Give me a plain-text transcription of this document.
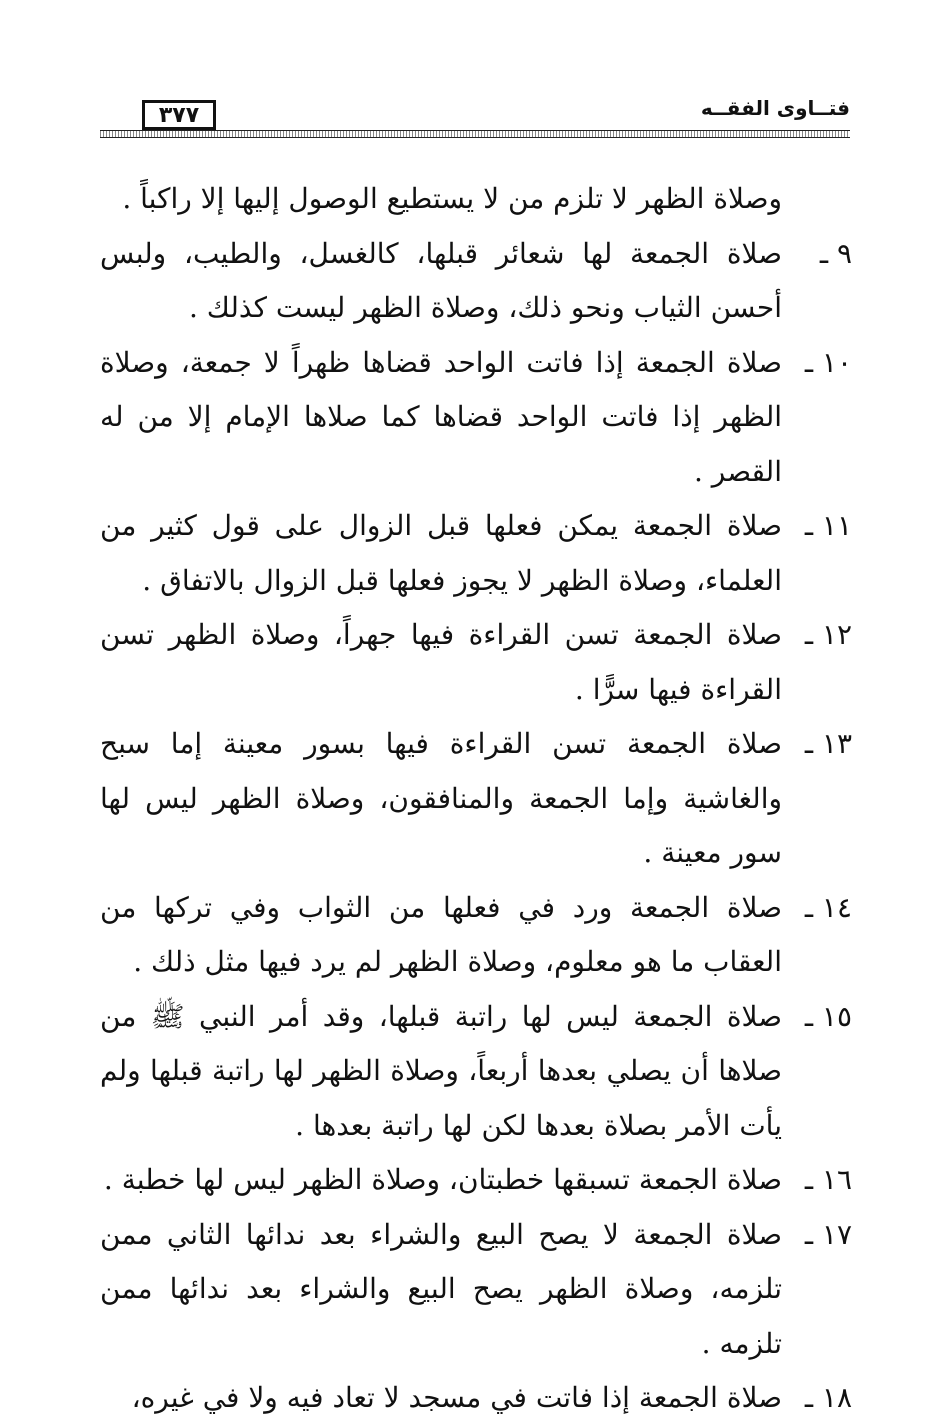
فتــاوى الفقــه
٣٧٧

وصلاة الظهر لا تلزم من لا يستطيع الوصول إليها إلا راكباً .

٩ ـ
صلاة الجمعة لها شعائر قبلها، كالغسل، والطيب، ولبس أحسن الثياب ونحو ذلك، وصلاة الظهر ليست كذلك .

١٠ ـ
صلاة الجمعة إذا فاتت الواحد قضاها ظهراً لا جمعة، وصلاة الظهر إذا فاتت الواحد قضاها كما صلاها الإمام إلا من له القصر .

١١ ـ
صلاة الجمعة يمكن فعلها قبل الزوال على قول كثير من العلماء، وصلاة الظهر لا يجوز فعلها قبل الزوال بالاتفاق .

١٢ ـ
صلاة الجمعة تسن القراءة فيها جهراً، وصلاة الظهر تسن القراءة فيها سرًّا .

١٣ ـ
صلاة الجمعة تسن القراءة فيها بسور معينة إما سبح والغاشية وإما الجمعة والمنافقون، وصلاة الظهر ليس لها سور معينة .

١٤ ـ
صلاة الجمعة ورد في فعلها من الثواب وفي تركها من العقاب ما هو معلوم، وصلاة الظهر لم يرد فيها مثل ذلك .

١٥ ـ
صلاة الجمعة ليس لها راتبة قبلها، وقد أمر النبي ﷺ من صلاها أن يصلي بعدها أربعاً، وصلاة الظهر لها راتبة قبلها ولم يأت الأمر بصلاة بعدها لكن لها راتبة بعدها .

١٦ ـ
صلاة الجمعة تسبقها خطبتان، وصلاة الظهر ليس لها خطبة .

١٧ ـ
صلاة الجمعة لا يصح البيع والشراء بعد ندائها الثاني ممن تلزمه، وصلاة الظهر يصح البيع والشراء بعد ندائها ممن تلزمه .

١٨ ـ
صلاة الجمعة إذا فاتت في مسجد لا تعاد فيه ولا في غيره،
